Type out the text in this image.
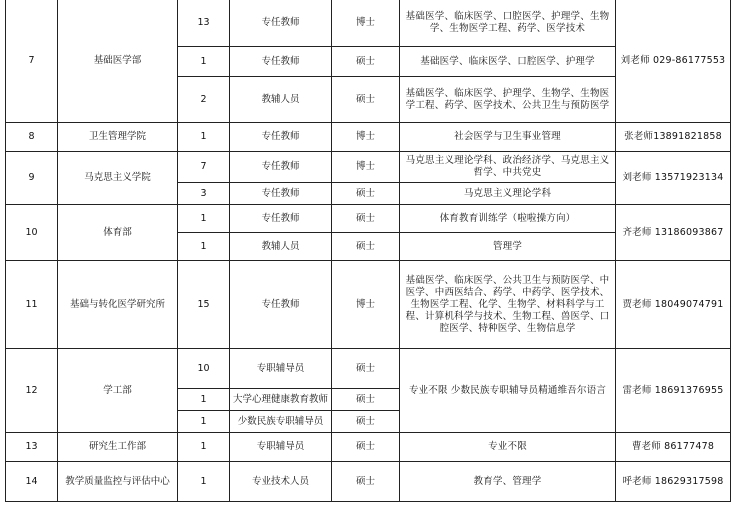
7	基础医学部	13	专任教师	博士	基础医学、临床医学、口腔医学、护理学、生物学、生物医学工程、药学、医学技术	刘老师 029-86177553
		1	专任教师	硕士	基础医学、临床医学、口腔医学、护理学	
		2	教辅人员	硕士	基础医学、临床医学、护理学、生物学、生物医学工程、药学、医学技术、公共卫生与预防医学	
8	卫生管理学院	1	专任教师	博士	社会医学与卫生事业管理	张老师13891821858
9	马克思主义学院	7	专任教师	博士	马克思主义理论学科、政治经济学、马克思主义哲学、中共党史	刘老师 13571923134
		3	专任教师	硕士	马克思主义理论学科	
10	体育部	1	专任教师	硕士	体育教育训练学（啦啦操方向）	齐老师 13186093867
		1	教辅人员	硕士	管理学	
11	基础与转化医学研究所	15	专任教师	博士	基础医学、临床医学、公共卫生与预防医学、中医学、中西医结合、药学、中药学、医学技术、生物医学工程、化学、生物学、材料科学与工程、计算机科学与技术、生物工程、兽医学、口腔医学、特种医学、生物信息学	贾老师 18049074791
12	学工部	10	专职辅导员	硕士	专业不限 少数民族专职辅导员精通维吾尔语言	雷老师 18691376955
		1	大学心理健康教育教师	硕士		
		1	少数民族专职辅导员	硕士		
13	研究生工作部	1	专职辅导员	硕士	专业不限	曹老师 86177478
14	教学质量监控与评估中心	1	专业技术人员	硕士	教育学、管理学	呼老师 18629317598
